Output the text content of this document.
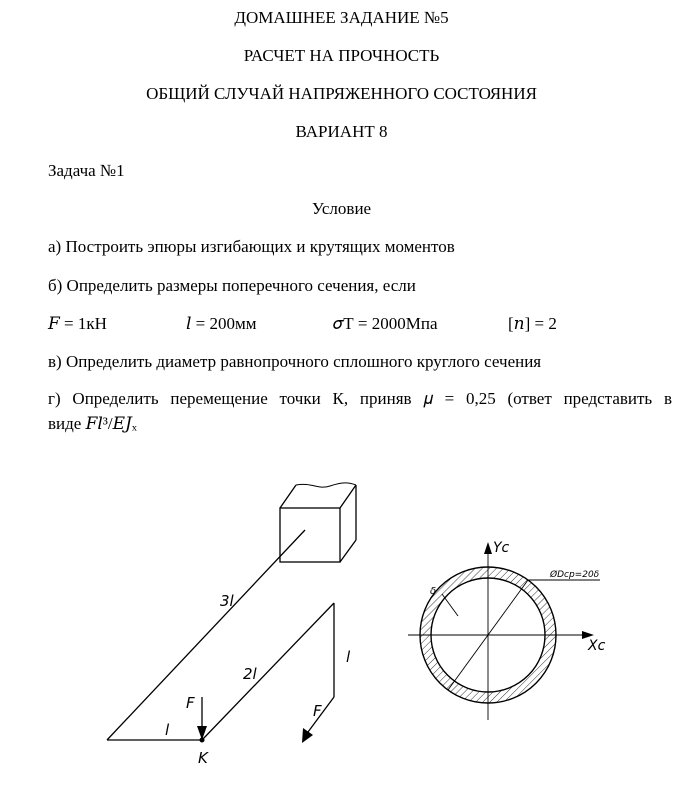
ДОМАШНЕЕ ЗАДАНИЕ №5
РАСЧЕТ НА ПРОЧНОСТЬ
ОБЩИЙ СЛУЧАЙ НАПРЯЖЕННОГО СОСТОЯНИЯ
ВАРИАНТ 8
Задача №1
Условие
а) Построить эпюры изгибающих и крутящих моментов
б) Определить размеры поперечного сечения, если
𝐹 = 1кН	𝑙 = 200мм	𝜎Т = 2000Мпа	[𝑛] = 2
в) Определить диаметр равнопрочного сплошного круглого сечения
г) Определить перемещение точки К, приняв 𝜇 = 0,25 (ответ представить в
виде 𝐹𝑙³/𝐸𝐽ₓ
3l
2l
l
l
F	F
K
Yc
Xc
ØDср=20δ
δ
